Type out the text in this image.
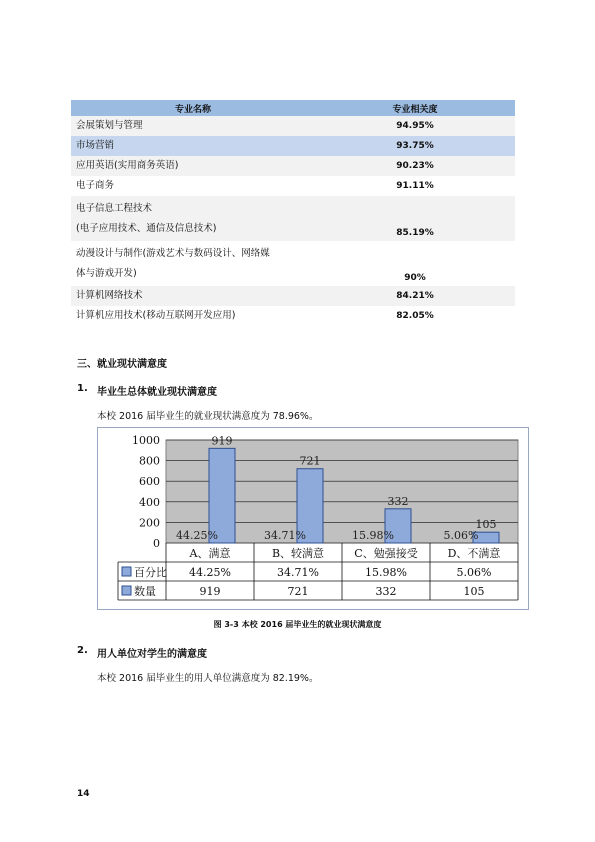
专业名称	专业相关度
会展策划与管理	94.95%
市场营销	93.75%
应用英语(实用商务英语)	90.23%
电子商务	91.11%

电子信息工程技术
(电子应用技术、通信及信息技术)	85.19%

动漫设计与制作(游戏艺术与数码设计、网络媒
体与游戏开发)	90%
计算机网络技术	84.21%
计算机应用技术(移动互联网开发应用)	82.05%
三、就业现状满意度
1. 毕业生总体就业现状满意度
本校 2016 届毕业生的就业现状满意度为 78.96%。
0
200
400
600
800
1000	919
44.25%
721
34.71%
332
15.98%
105
5.06%
A、满意	B、较满意	C、勉强接受	D、不满意
百分比 44.25%	34.71%	15.98%	5.06%
数量	919	721	332	105
图 3-3 本校 2016 届毕业生的就业现状满意度
2. 用人单位对学生的满意度
本校 2016 届毕业生的用人单位满意度为 82.19%。
14
